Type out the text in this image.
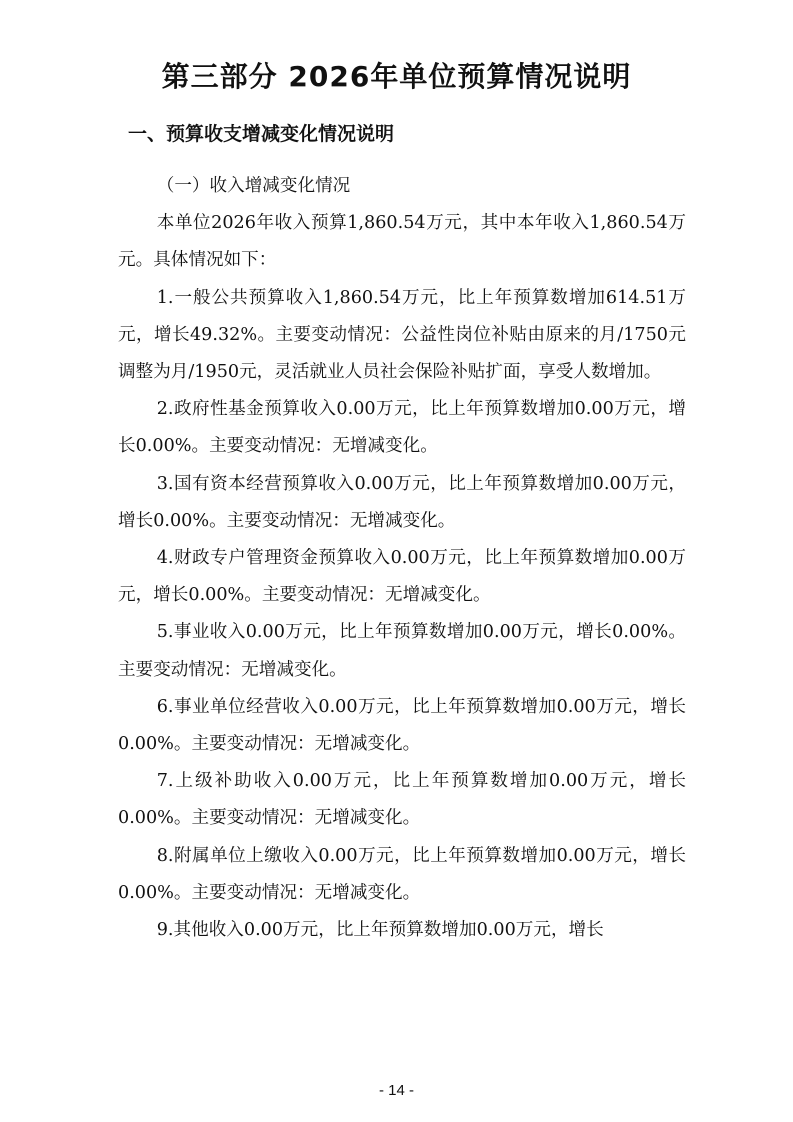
第三部分 2026年单位预算情况说明
一、预算收支增减变化情况说明

（一）收入增减变化情况

本单位2026年收入预算1,860.54万元，其中本年收入1,860.54万元。具体情况如下：

1.一般公共预算收入1,860.54万元，比上年预算数增加614.51万元，增长49.32%。主要变动情况：公益性岗位补贴由原来的月/1750元调整为月/1950元，灵活就业人员社会保险补贴扩面，享受人数增加。

2.政府性基金预算收入0.00万元，比上年预算数增加0.00万元，增长0.00%。主要变动情况：无增减变化。

3.国有资本经营预算收入0.00万元，比上年预算数增加0.00万元，增长0.00%。主要变动情况：无增减变化。

4.财政专户管理资金预算收入0.00万元，比上年预算数增加0.00万元，增长0.00%。主要变动情况：无增减变化。

5.事业收入0.00万元，比上年预算数增加0.00万元，增长0.00%。主要变动情况：无增减变化。

6.事业单位经营收入0.00万元，比上年预算数增加0.00万元，增长0.00%。主要变动情况：无增减变化。

7.上级补助收入0.00万元，比上年预算数增加0.00万元，增长0.00%。主要变动情况：无增减变化。

8.附属单位上缴收入0.00万元，比上年预算数增加0.00万元，增长0.00%。主要变动情况：无增减变化。

9.其他收入0.00万元，比上年预算数增加0.00万元，增长

- 14 -
